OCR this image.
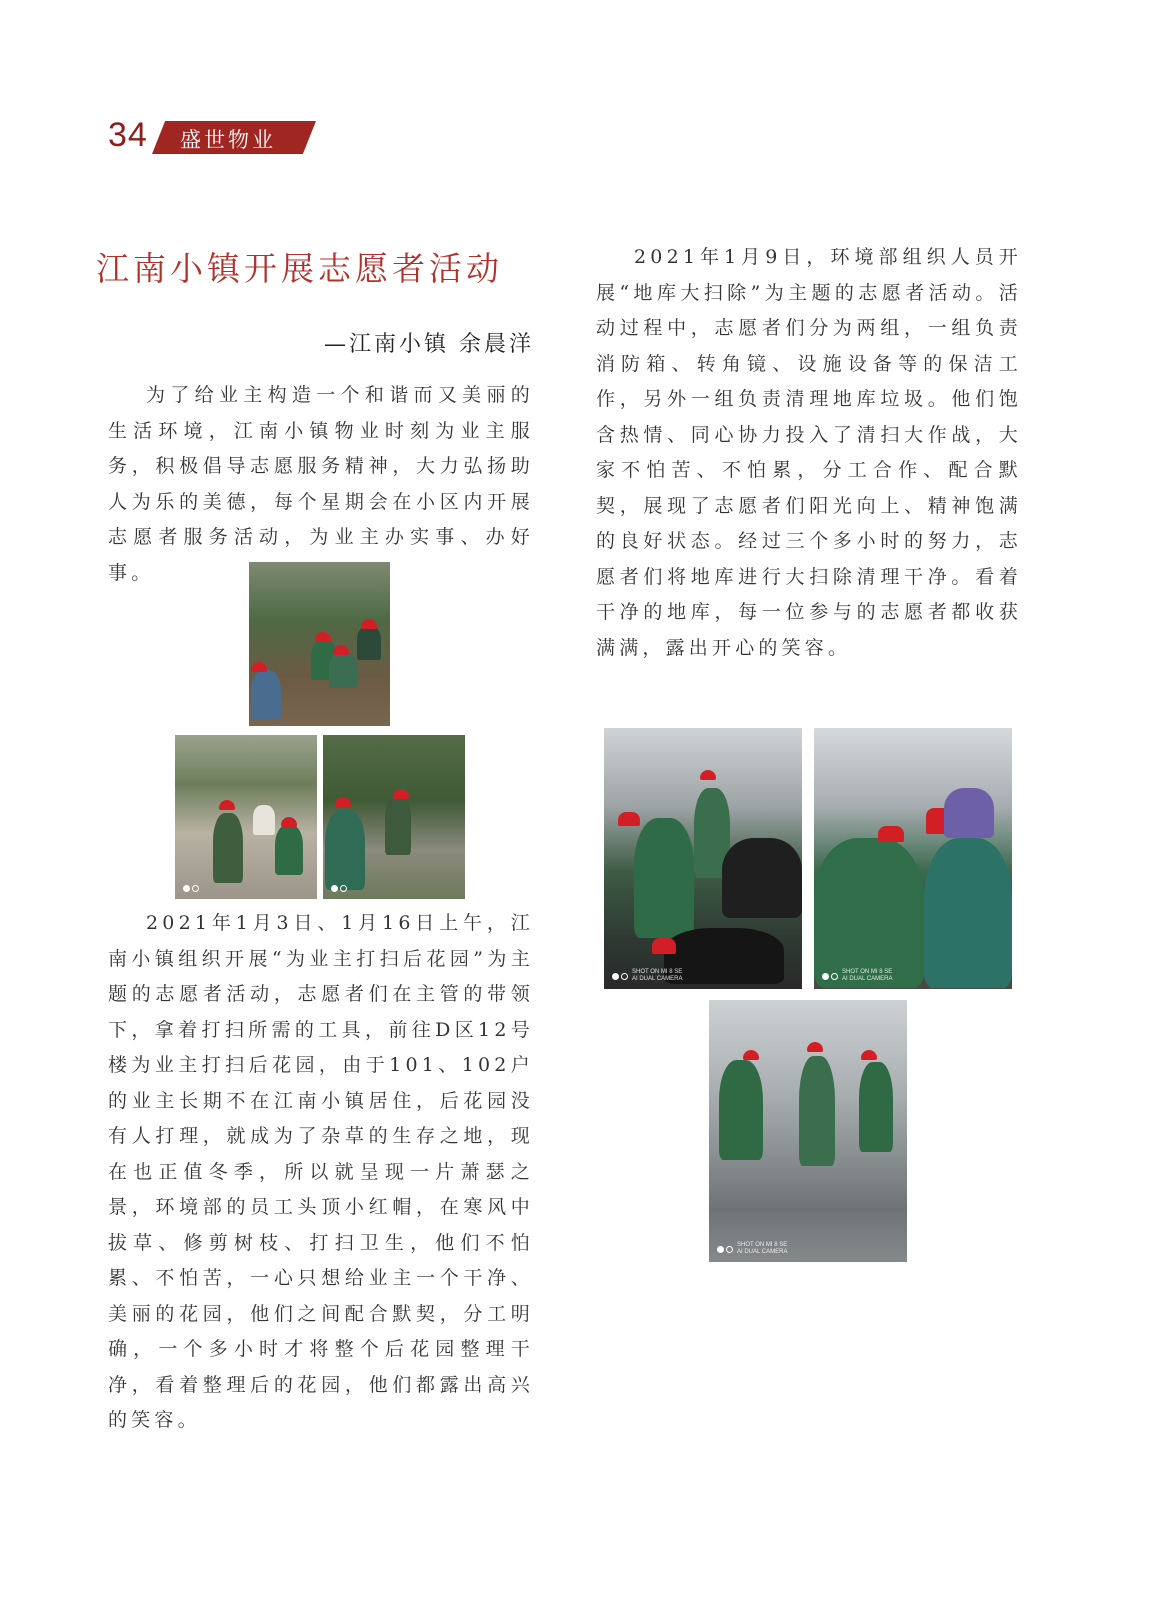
34 盛世物业
江南小镇开展志愿者活动
—江南小镇 余晨洋
为了给业主构造一个和谐而又美丽的生活环境，江南小镇物业时刻为业主服务，积极倡导志愿服务精神，大力弘扬助人为乐的美德，每个星期会在小区内开展志愿者服务活动，为业主办实事、办好事。
2021年1月3日、1月16日上午，江南小镇组织开展“为业主打扫后花园”为主题的志愿者活动，志愿者们在主管的带领下，拿着打扫所需的工具，前往D区12号楼为业主打扫后花园，由于101、102户的业主长期不在江南小镇居住，后花园没有人打理，就成为了杂草的生存之地，现在也正值冬季，所以就呈现一片萧瑟之景，环境部的员工头顶小红帽，在寒风中拔草、修剪树枝、打扫卫生，他们不怕累、不怕苦，一心只想给业主一个干净、美丽的花园，他们之间配合默契，分工明确，一个多小时才将整个后花园整理干净，看着整理后的花园，他们都露出高兴的笑容。
2021年1月9日，环境部组织人员开展“地库大扫除”为主题的志愿者活动。活动过程中，志愿者们分为两组，一组负责消防箱、转角镜、设施设备等的保洁工作，另外一组负责清理地库垃圾。他们饱含热情、同心协力投入了清扫大作战，大家不怕苦、不怕累，分工合作、配合默契，展现了志愿者们阳光向上、精神饱满的良好状态。经过三个多小时的努力，志愿者们将地库进行大扫除清理干净。看着干净的地库，每一位参与的志愿者都收获满满，露出开心的笑容。
SHOT ON MI 8 SE
AI DUAL CAMERA
SHOT ON MI 8 SE
AI DUAL CAMERA
SHOT ON MI 8 SE
AI DUAL CAMERA
